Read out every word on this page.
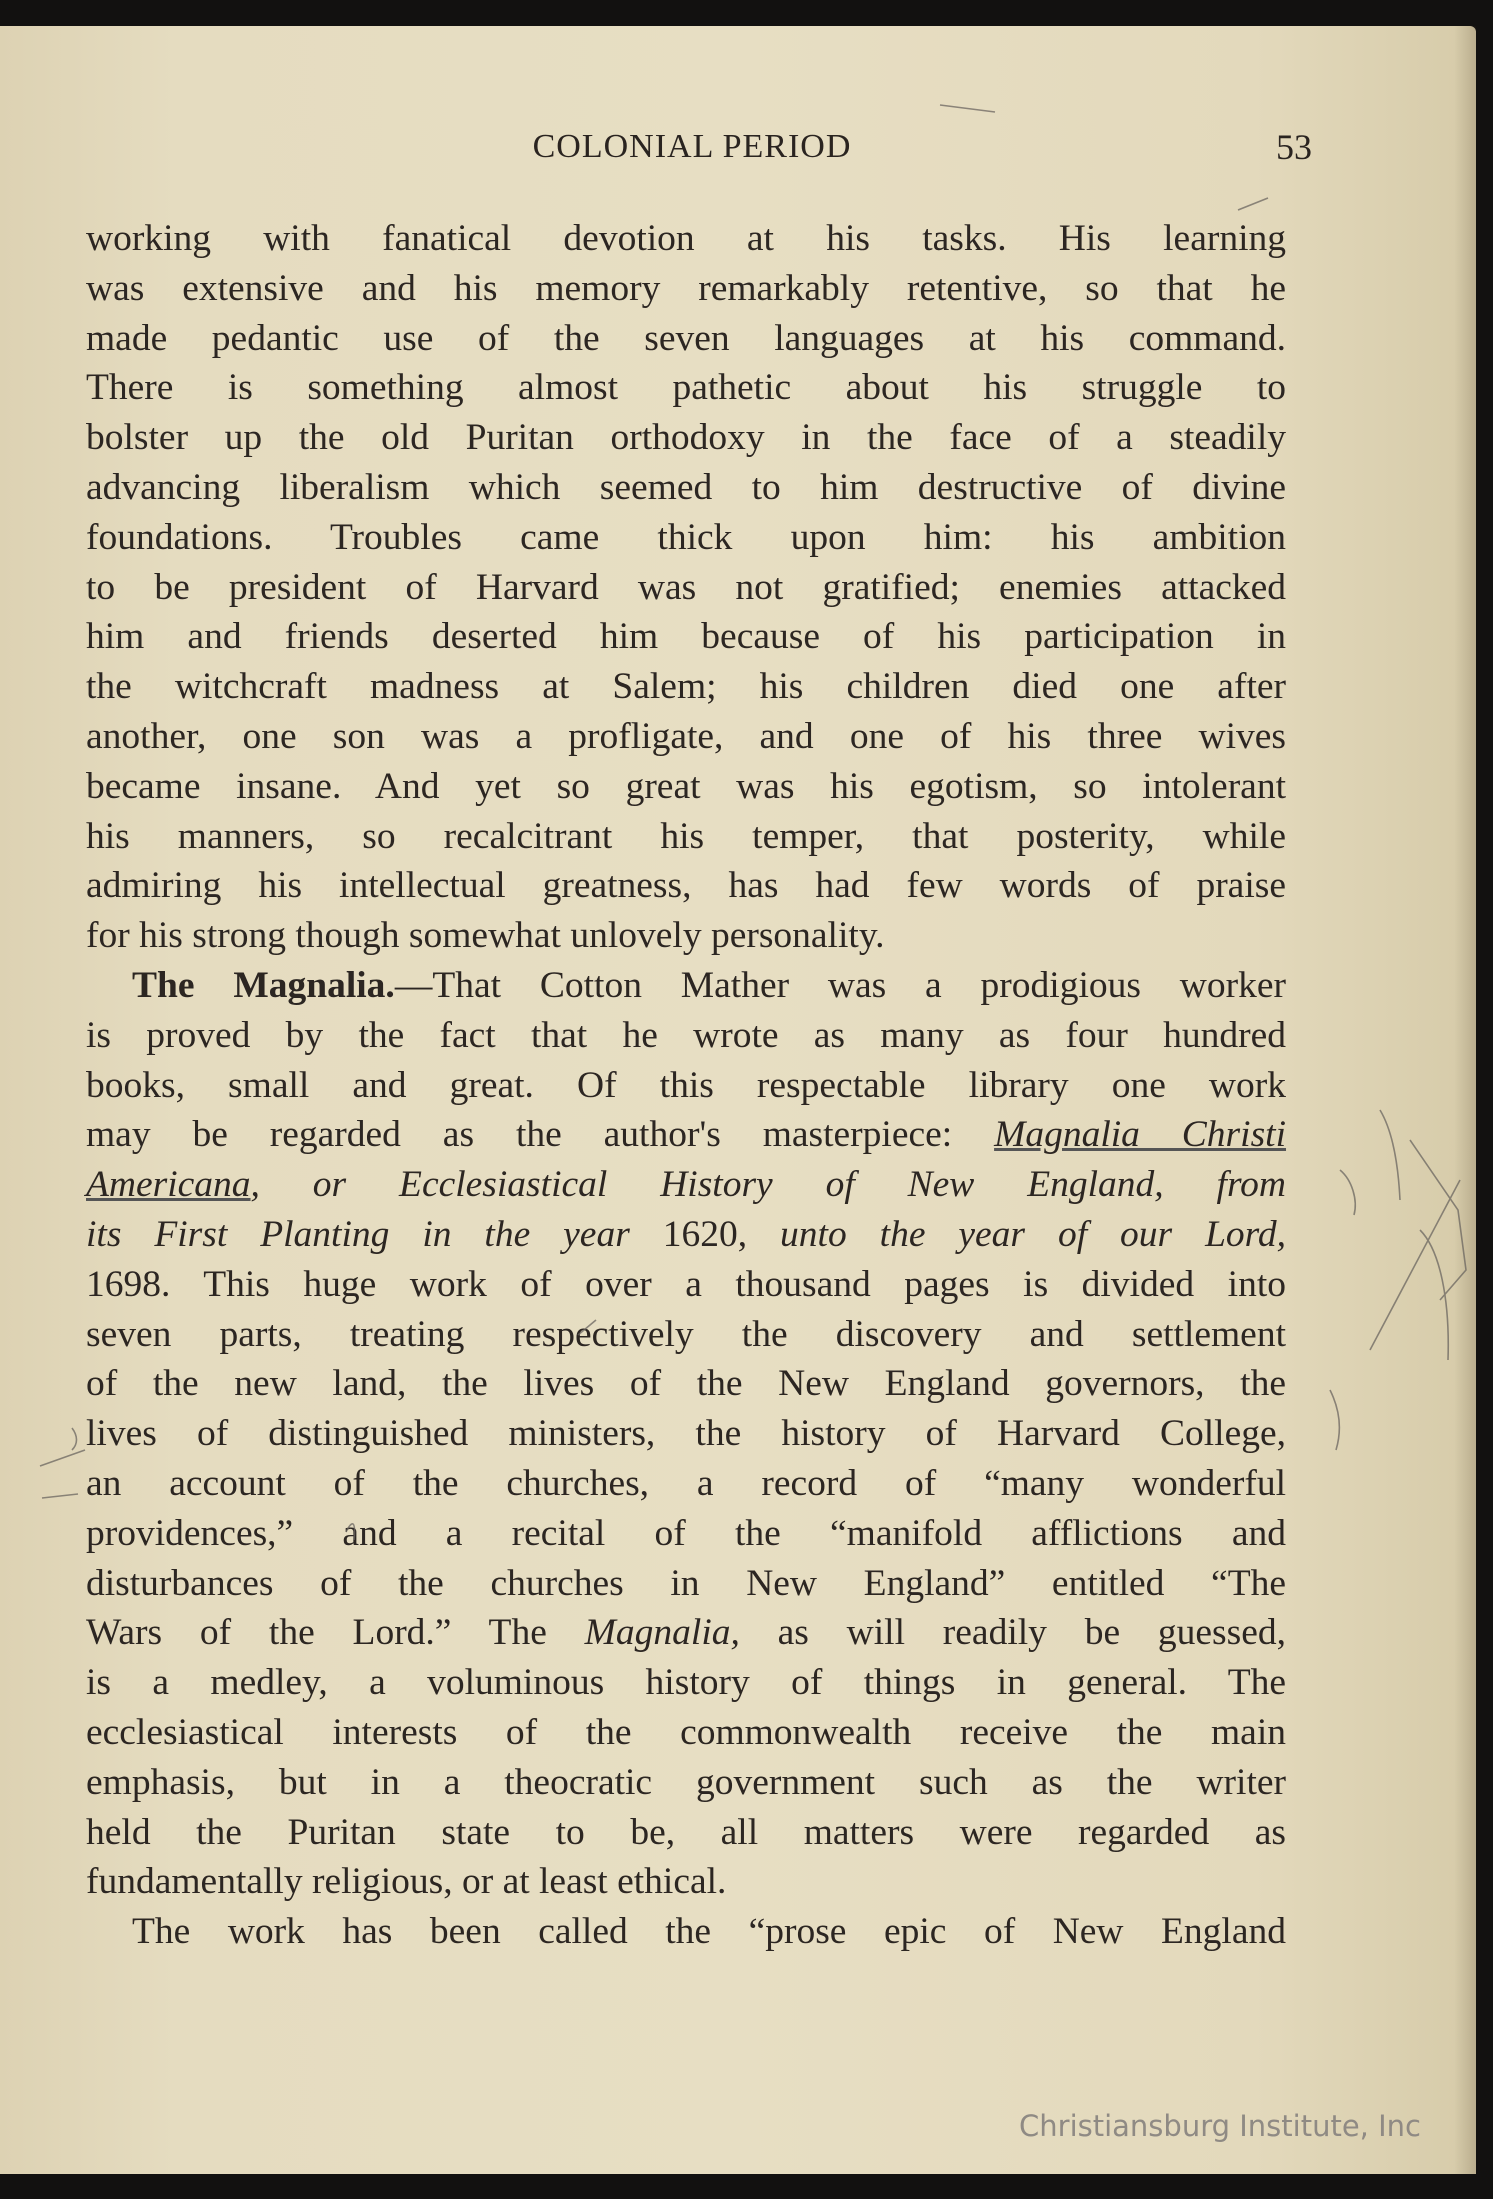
COLONIAL PERIOD	53
working with fanatical devotion at his tasks. His learning
was extensive and his memory remarkably retentive, so that he
made pedantic use of the seven languages at his command.
There is something almost pathetic about his struggle to
bolster up the old Puritan orthodoxy in the face of a steadily
advancing liberalism which seemed to him destructive of divine
foundations. Troubles came thick upon him: his ambition
to be president of Harvard was not gratified; enemies attacked
him and friends deserted him because of his participation in
the witchcraft madness at Salem; his children died one after
another, one son was a profligate, and one of his three wives
became insane. And yet so great was his egotism, so intolerant
his manners, so recalcitrant his temper, that posterity, while
admiring his intellectual greatness, has had few words of praise
for his strong though somewhat unlovely personality.
The Magnalia.—That Cotton Mather was a prodigious worker
is proved by the fact that he wrote as many as four hundred
books, small and great. Of this respectable library one work
may be regarded as the author's masterpiece: Magnalia Christi
Americana, or Ecclesiastical History of New England, from
its First Planting in the year 1620, unto the year of our Lord,
1698. This huge work of over a thousand pages is divided into
seven parts, treating respectively the discovery and settlement
of the new land, the lives of the New England governors, the
lives of distinguished ministers, the history of Harvard College,
an account of the churches, a record of “many wonderful
providences,” and a recital of the “manifold afflictions and
disturbances of the churches in New England” entitled “The
Wars of the Lord.” The Magnalia, as will readily be guessed,
is a medley, a voluminous history of things in general. The
ecclesiastical interests of the commonwealth receive the main
emphasis, but in a theocratic government such as the writer
held the Puritan state to be, all matters were regarded as
fundamentally religious, or at least ethical.
The work has been called the “prose epic of New England
Christiansburg Institute, Inc
